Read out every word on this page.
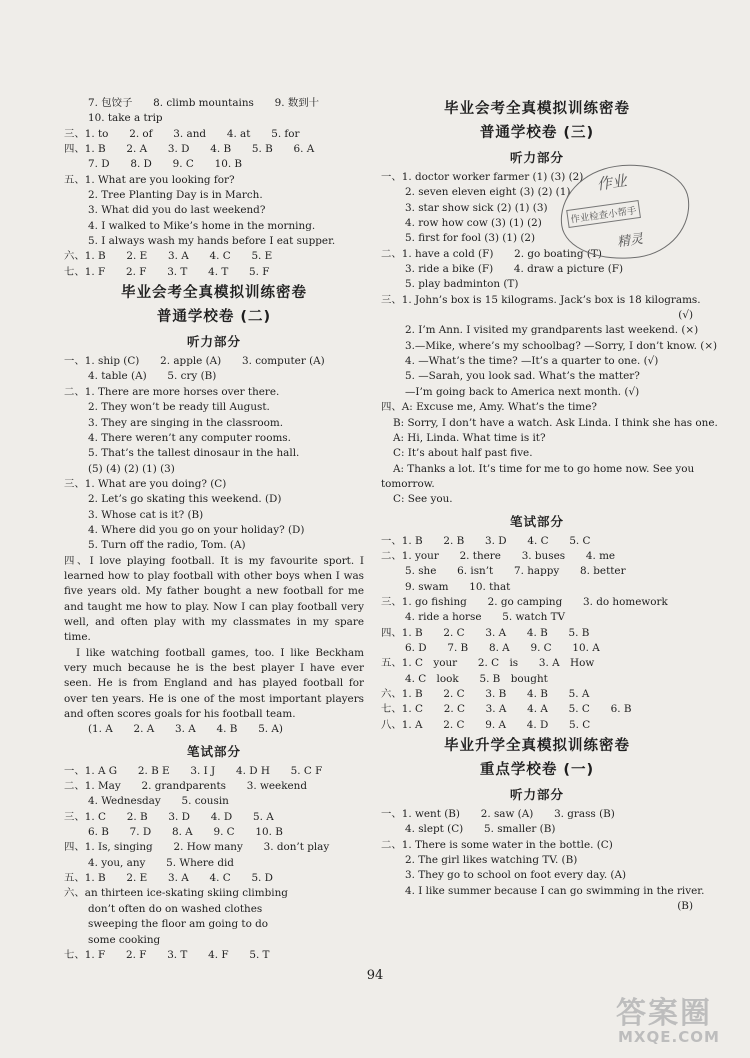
7. 包饺子　　8. climb mountains　　9. 数到十
10. take a trip
三、1. to　　2. of　　3. and　　4. at　　5. for
四、1. B　　2. A　　3. D　　4. B　　5. B　　6. A
7. D　　8. D　　9. C　　10. B
五、1. What are you looking for?
2. Tree Planting Day is in March.
3. What did you do last weekend?
4. I walked to Mike’s home in the morning.
5. I always wash my hands before I eat supper.
六、1. B　　2. E　　3. A　　4. C　　5. E
七、1. F　　2. F　　3. T　　4. T　　5. F
毕业会考全真模拟训练密卷
普通学校卷 (二)
听力部分
一、1. ship (C)　　2. apple (A)　　3. computer (A)
4. table (A)　　5. cry (B)
二、1. There are more horses over there.
2. They won’t be ready till August.
3. They are singing in the classroom.
4. There weren’t any computer rooms.
5. That’s the tallest dinosaur in the hall.
(5) (4) (2) (1) (3)
三、1. What are you doing? (C)
2. Let’s go skating this weekend. (D)
3. Whose cat is it? (B)
4. Where did you go on your holiday? (D)
5. Turn off the radio, Tom. (A)
四、I love playing football. It is my favourite sport. I learned how to play football with other boys when I was five years old. My father bought a new football for me and taught me how to play. Now I can play football very well, and often play with my classmates in my spare time.
I like watching football games, too. I like Beckham very much because he is the best player I have ever seen. He is from England and has played football for over ten years. He is one of the most important players and often scores goals for his football team.
(1. A　　2. A　　3. A　　4. B　　5. A)
笔试部分
一、1. A G　　2. B E　　3. I J　　4. D H　　5. C F
二、1. May　　2. grandparents　　3. weekend
4. Wednesday　　5. cousin
三、1. C　　2. B　　3. D　　4. D　　5. A
6. B　　7. D　　8. A　　9. C　　10. B
四、1. Is, singing　　2. How many　　3. don’t play
4. you, any　　5. Where did
五、1. B　　2. E　　3. A　　4. C　　5. D
六、an thirteen ice-skating skiing climbing
don’t often do on washed clothes
sweeping the floor am going to do
some cooking
七、1. F　　2. F　　3. T　　4. F　　5. T
毕业会考全真模拟训练密卷
普通学校卷 (三)
听力部分
一、1. doctor worker farmer (1) (3) (2)
2. seven eleven eight (3) (2) (1)
3. star show sick (2) (1) (3)
4. row how cow (3) (1) (2)
5. first for fool (3) (1) (2)
二、1. have a cold (F)　　2. go boating (T)
3. ride a bike (F)　　4. draw a picture (F)
5. play badminton (T)
三、1. John’s box is 15 kilograms. Jack’s box is 18 kilograms.
(√)
2. I’m Ann. I visited my grandparents last weekend. (×)
3.—Mike, where’s my schoolbag? —Sorry, I don’t know. (×)
4. —What’s the time? —It’s a quarter to one. (√)
5. —Sarah, you look sad. What’s the matter?
—I’m going back to America next month. (√)
四、A: Excuse me, Amy. What’s the time?
B: Sorry, I don’t have a watch. Ask Linda. I think she has one.
A: Hi, Linda. What time is it?
C: It’s about half past five.
A: Thanks a lot. It’s time for me to go home now. See you
tomorrow.
C: See you.
笔试部分
一、1. B　　2. B　　3. D　　4. C　　5. C
二、1. your　　2. there　　3. buses　　4. me
5. she　　6. isn’t　　7. happy　　8. better
9. swam　　10. that
三、1. go fishing　　2. go camping　　3. do homework
4. ride a horse　　5. watch TV
四、1. B　　2. C　　3. A　　4. B　　5. B
6. D　　7. B　　8. A　　9. C　　10. A
五、1. C　your　　2. C　is　　3. A　How
4. C　look　　5. B　bought
六、1. B　　2. C　　3. B　　4. B　　5. A
七、1. C　　2. C　　3. A　　4. A　　5. C　　6. B
八、1. A　　2. C　　9. A　　4. D　　5. C
毕业升学全真模拟训练密卷
重点学校卷 (一)
听力部分
一、1. went (B)　　2. saw (A)　　3. grass (B)
4. slept (C)　　5. smaller (B)
二、1. There is some water in the bottle. (C)
2. The girl likes watching TV. (B)
3. They go to school on foot every day. (A)
4. I like summer because I can go swimming in the river.
(B)
作业
作业检查小帮手
精灵
94
答案圈
MXQE.COM
